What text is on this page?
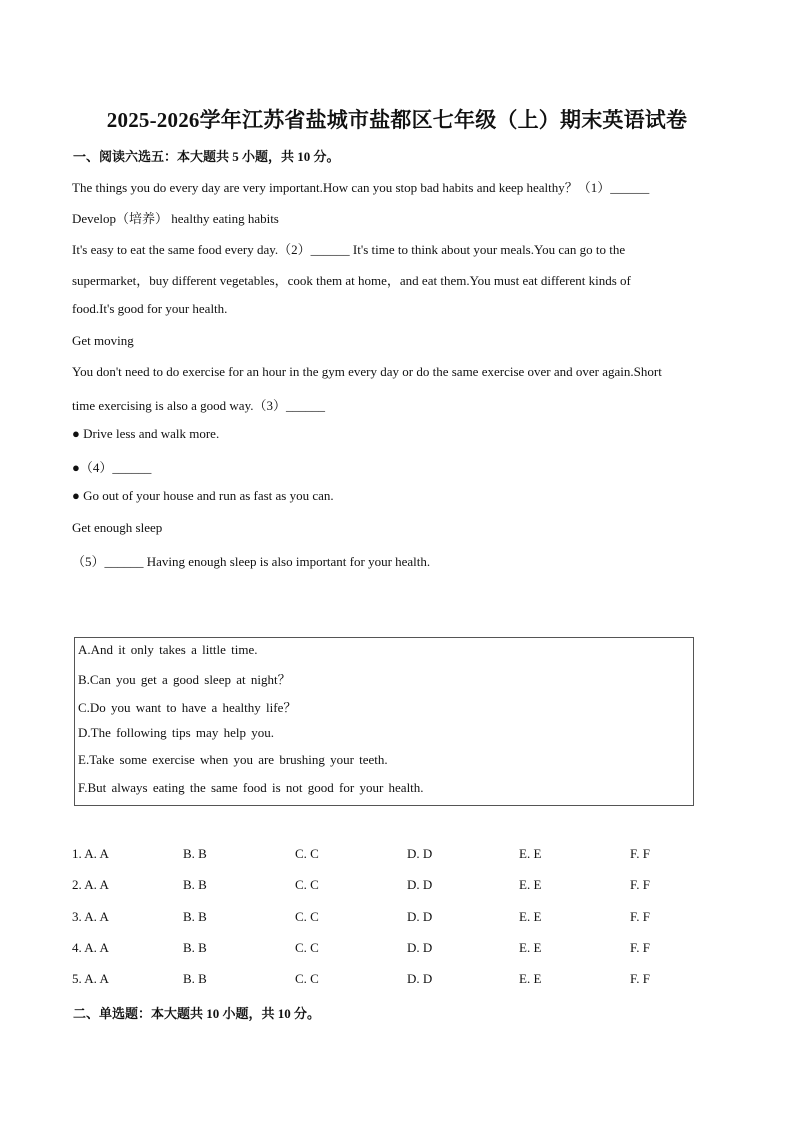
2025-2026学年江苏省盐城市盐都区七年级（上）期末英语试卷
一、阅读六选五：本大题共 5 小题，共 10 分。
The things you do every day are very important.How can you stop bad habits and keep healthy？（1）______
Develop（培养） healthy eating habits
It's easy to eat the same food every day.（2）______ It's time to think about your meals.You can go to the
supermarket，buy different vegetables，cook them at home，and eat them.You must eat different kinds of
food.It's good for your health.
Get moving
You don't need to do exercise for an hour in the gym every day or do the same exercise over and over again.Short
time exercising is also a good way.（3）______
● Drive less and walk more.
●（4）______
● Go out of your house and run as fast as you can.
Get enough sleep
（5）______ Having enough sleep is also important for your health.
A.And it only takes a little time.
B.Can you get a good sleep at night？
C.Do you want to have a healthy life？
D.The following tips may help you.
E.Take some exercise when you are brushing your teeth.
F.But always eating the same food is not good for your health.
1. A. A	B. B	C. C	D. D	E. E	F. F
2. A. A	B. B	C. C	D. D	E. E	F. F
3. A. A	B. B	C. C	D. D	E. E	F. F
4. A. A	B. B	C. C	D. D	E. E	F. F
5. A. A	B. B	C. C	D. D	E. E	F. F
二、单选题：本大题共 10 小题，共 10 分。
